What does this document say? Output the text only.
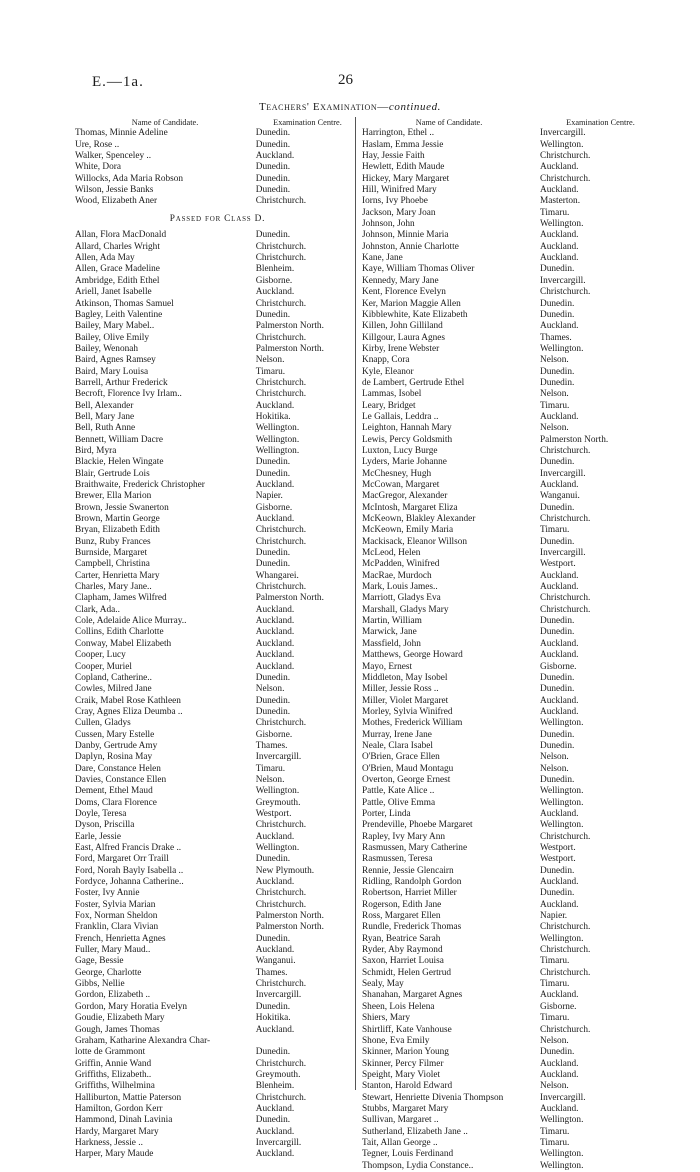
E.—1a.	26
Teachers' Examination—continued.
Name of Candidate.	Examination Centre.
Thomas, Minnie Adeline	Dunedin.
Ure, Rose ..	Dunedin.
Walker, Spenceley ..	Auckland.
White, Dora	Dunedin.
Willocks, Ada Maria Robson	Dunedin.
Wilson, Jessie Banks	Dunedin.
Wood, Elizabeth Aner	Christchurch.
Passed for Class D.
Allan, Flora MacDonald	Dunedin.
Allard, Charles Wright	Christchurch.
Allen, Ada May	Christchurch.
Allen, Grace Madeline	Blenheim.
Ambridge, Edith Ethel	Gisborne.
Ariell, Janet Isabelle	Auckland.
Atkinson, Thomas Samuel	Christchurch.
Bagley, Leith Valentine	Dunedin.
Bailey, Mary Mabel..	Palmerston North.
Bailey, Olive Emily	Christchurch.
Bailey, Wenonah	Palmerston North.
Baird, Agnes Ramsey	Nelson.
Baird, Mary Louisa	Timaru.
Barrell, Arthur Frederick	Christchurch.
Becroft, Florence Ivy Irlam..	Christchurch.
Bell, Alexander	Auckland.
Bell, Mary Jane	Hokitika.
Bell, Ruth Anne	Wellington.
Bennett, William Dacre	Wellington.
Bird, Myra	Wellington.
Blackie, Helen Wingate	Dunedin.
Blair, Gertrude Lois	Dunedin.
Braithwaite, Frederick Christopher	Auckland.
Brewer, Ella Marion	Napier.
Brown, Jessie Swanerton	Gisborne.
Brown, Martin George	Auckland.
Bryan, Elizabeth Edith	Christchurch.
Bunz, Ruby Frances	Christchurch.
Burnside, Margaret	Dunedin.
Campbell, Christina	Dunedin.
Carter, Henrietta Mary	Whangarei.
Charles, Mary Jane..	Christchurch.
Clapham, James Wilfred	Palmerston North.
Clark, Ada..	Auckland.
Cole, Adelaide Alice Murray..	Auckland.
Collins, Edith Charlotte	Auckland.
Conway, Mabel Elizabeth	Auckland.
Cooper, Lucy	Auckland.
Cooper, Muriel	Auckland.
Copland, Catherine..	Dunedin.
Cowles, Milred Jane	Nelson.
Craik, Mabel Rose Kathleen	Dunedin.
Cray, Agnes Eliza Deumba ..	Dunedin.
Cullen, Gladys	Christchurch.
Cussen, Mary Estelle	Gisborne.
Danby, Gertrude Amy	Thames.
Daplyn, Rosina May	Invercargill.
Dare, Constance Helen	Timaru.
Davies, Constance Ellen	Nelson.
Dement, Ethel Maud	Wellington.
Doms, Clara Florence	Greymouth.
Doyle, Teresa	Westport.
Dyson, Priscilla	Christchurch.
Earle, Jessie	Auckland.
East, Alfred Francis Drake ..	Wellington.
Ford, Margaret Orr Traill	Dunedin.
Ford, Norah Bayly Isabella ..	New Plymouth.
Fordyce, Johanna Catherine..	Auckland.
Foster, Ivy Annie	Christchurch.
Foster, Sylvia Marian	Christchurch.
Fox, Norman Sheldon	Palmerston North.
Franklin, Clara Vivian	Palmerston North.
French, Henrietta Agnes	Dunedin.
Fuller, Mary Maud..	Auckland.
Gage, Bessie	Wanganui.
George, Charlotte	Thames.
Gibbs, Nellie	Christchurch.
Gordon, Elizabeth ..	Invercargill.
Gordon, Mary Horatia Evelyn	Dunedin.
Goudie, Elizabeth Mary	Hokitika.
Gough, James Thomas	Auckland.
Graham, Katharine Alexandra Char-
lotte de Grammont	Dunedin.
Griffin, Annie Wand	Christchurch.
Griffiths, Elizabeth..	Greymouth.
Griffiths, Wilhelmina	Blenheim.
Halliburton, Mattie Paterson	Christchurch.
Hamilton, Gordon Kerr	Auckland.
Hammond, Dinah Lavinia	Dunedin.
Hardy, Margaret Mary	Auckland.
Harkness, Jessie ..	Invercargill.
Harper, Mary Maude	Auckland.
Name of Candidate.	Examination Centre.
Harrington, Ethel ..	Invercargill.
Haslam, Emma Jessie	Wellington.
Hay, Jessie Faith	Christchurch.
Hewlett, Edith Maude	Auckland.
Hickey, Mary Margaret	Christchurch.
Hill, Winifred Mary	Auckland.
Iorns, Ivy Phoebe	Masterton.
Jackson, Mary Joan	Timaru.
Johnson, John	Wellington.
Johnson, Minnie Maria	Auckland.
Johnston, Annie Charlotte	Auckland.
Kane, Jane	Auckland.
Kaye, William Thomas Oliver	Dunedin.
Kennedy, Mary Jane	Invercargill.
Kent, Florence Evelyn	Christchurch.
Ker, Marion Maggie Allen	Dunedin.
Kibblewhite, Kate Elizabeth	Dunedin.
Killen, John Gilliland	Auckland.
Killgour, Laura Agnes	Thames.
Kirby, Irene Webster	Wellington.
Knapp, Cora	Nelson.
Kyle, Eleanor	Dunedin.
de Lambert, Gertrude Ethel	Dunedin.
Lammas, Isobel	Nelson.
Leary, Bridget	Timaru.
Le Gallais, Leddra ..	Auckland.
Leighton, Hannah Mary	Nelson.
Lewis, Percy Goldsmith	Palmerston North.
Luxton, Lucy Burge	Christchurch.
Lyders, Marie Johanne	Dunedin.
McChesney, Hugh	Invercargill.
McCowan, Margaret	Auckland.
MacGregor, Alexander	Wanganui.
McIntosh, Margaret Eliza	Dunedin.
McKeown, Blakley Alexander	Christchurch.
McKeown, Emily Maria	Timaru.
Mackisack, Eleanor Willson	Dunedin.
McLeod, Helen	Invercargill.
McPadden, Winifred	Westport.
MacRae, Murdoch	Auckland.
Mark, Louis James..	Auckland.
Marriott, Gladys Eva	Christchurch.
Marshall, Gladys Mary	Christchurch.
Martin, William	Dunedin.
Marwick, Jane	Dunedin.
Massfield, John	Auckland.
Matthews, George Howard	Auckland.
Mayo, Ernest	Gisborne.
Middleton, May Isobel	Dunedin.
Miller, Jessie Ross ..	Dunedin.
Miller, Violet Margaret	Auckland.
Morley, Sylvia Winifred	Auckland.
Mothes, Frederick William	Wellington.
Murray, Irene Jane	Dunedin.
Neale, Clara Isabel	Dunedin.
O'Brien, Grace Ellen	Nelson.
O'Brien, Maud Montagu	Nelson.
Overton, George Ernest	Dunedin.
Pattle, Kate Alice ..	Wellington.
Pattle, Olive Emma	Wellington.
Porter, Linda	Auckland.
Prendeville, Phoebe Margaret	Wellington.
Rapley, Ivy Mary Ann	Christchurch.
Rasmussen, Mary Catherine	Westport.
Rasmussen, Teresa	Westport.
Rennie, Jessie Glencairn	Dunedin.
Ridling, Randolph Gordon	Auckland.
Robertson, Harriet Miller	Dunedin.
Rogerson, Edith Jane	Auckland.
Ross, Margaret Ellen	Napier.
Rundle, Frederick Thomas	Christchurch.
Ryan, Beatrice Sarah	Wellington.
Ryder, Aby Raymond	Christchurch.
Saxon, Harriet Louisa	Timaru.
Schmidt, Helen Gertrud	Christchurch.
Sealy, May	Timaru.
Shanahan, Margaret Agnes	Auckland.
Sheen, Lois Helena	Gisborne.
Shiers, Mary	Timaru.
Shirtliff, Kate Vanhouse	Christchurch.
Shone, Eva Emily	Nelson.
Skinner, Marion Young	Dunedin.
Skinner, Percy Filmer	Auckland.
Speight, Mary Violet	Auckland.
Stanton, Harold Edward	Nelson.
Stewart, Henriette Divenia Thompson	Invercargill.
Stubbs, Margaret Mary	Auckland.
Sullivan, Margaret ..	Wellington.
Sutherland, Elizabeth Jane ..	Timaru.
Tait, Allan George ..	Timaru.
Tegner, Louis Ferdinand	Wellington.
Thompson, Lydia Constance..	Wellington.
